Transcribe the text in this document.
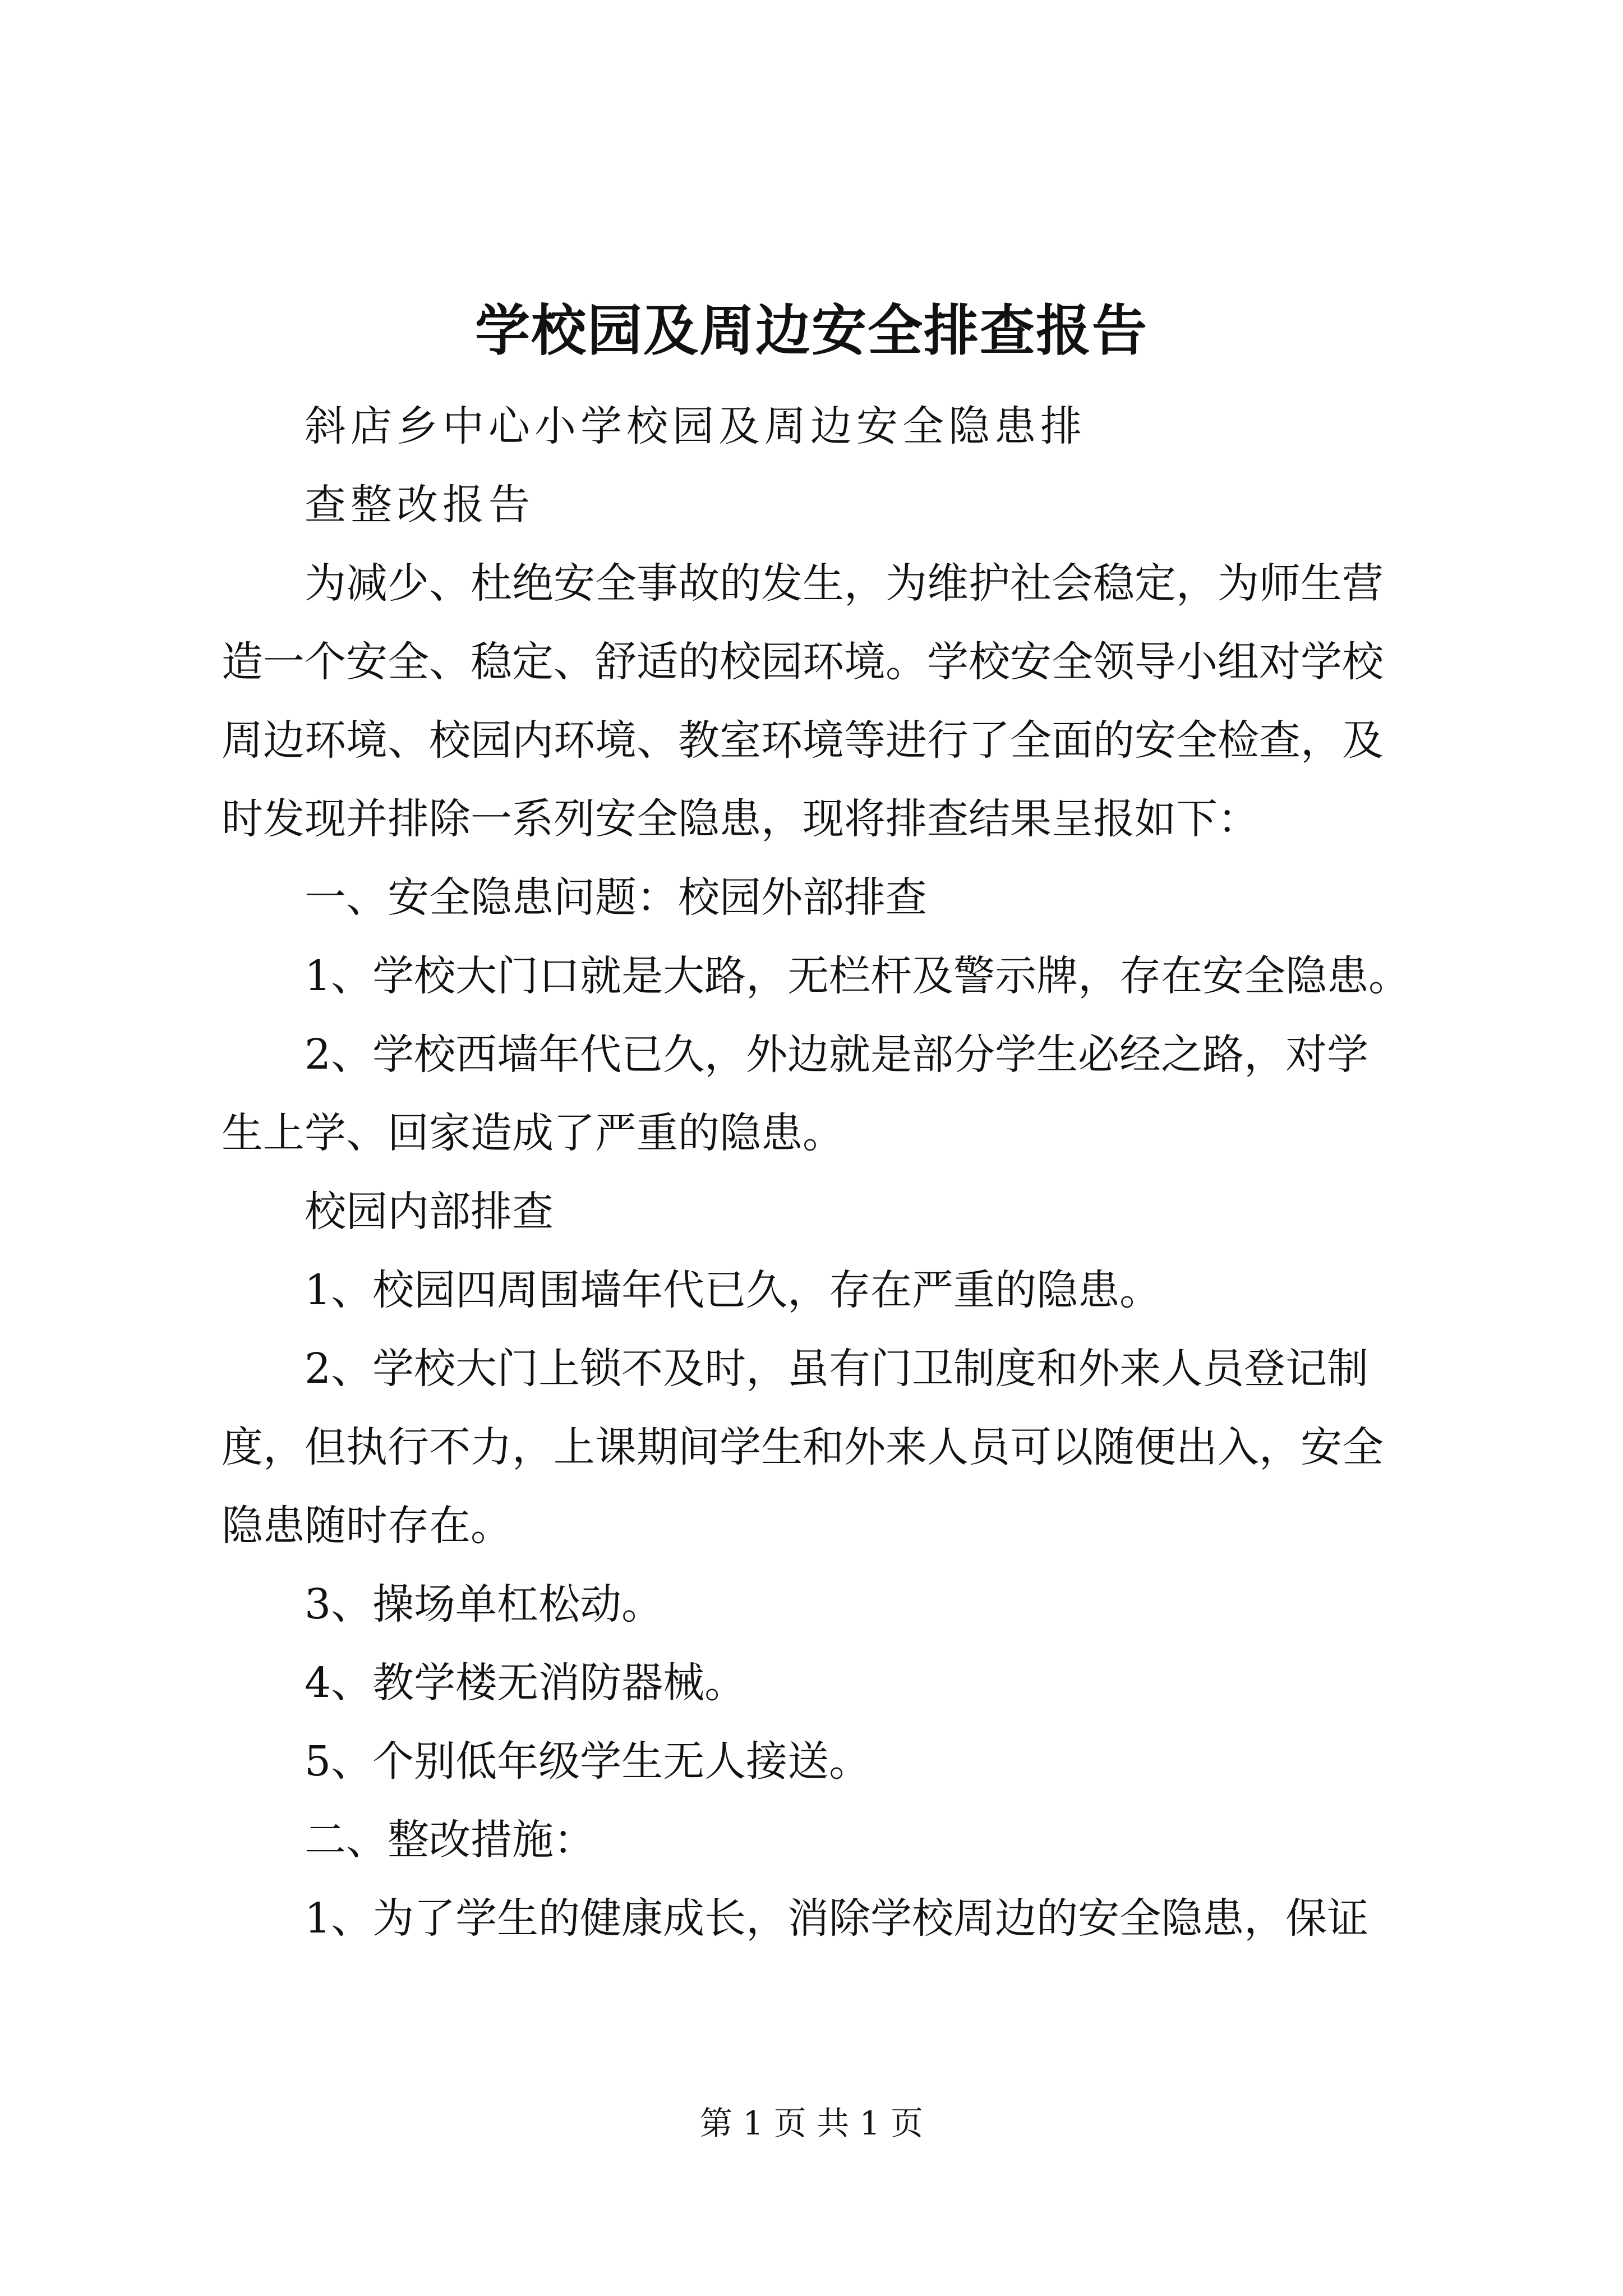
学校园及周边安全排查报告
斜店乡中心小学校园及周边安全隐患排
查整改报告
为减少、杜绝安全事故的发生，为维护社会稳定，为师生营
造一个安全、稳定、舒适的校园环境。学校安全领导小组对学校
周边环境、校园内环境、教室环境等进行了全面的安全检查，及
时发现并排除一系列安全隐患，现将排查结果呈报如下：
一、安全隐患问题：校园外部排查
1、学校大门口就是大路，无栏杆及警示牌，存在安全隐患。
2、学校西墙年代已久，外边就是部分学生必经之路，对学
生上学、回家造成了严重的隐患。
校园内部排查
1、校园四周围墙年代已久，存在严重的隐患。
2、学校大门上锁不及时，虽有门卫制度和外来人员登记制
度，但执行不力，上课期间学生和外来人员可以随便出入，安全
隐患随时存在。
3、操场单杠松动。
4、教学楼无消防器械。
5、个别低年级学生无人接送。
二、整改措施：
1、为了学生的健康成长，消除学校周边的安全隐患，保证
第 1 页 共 1 页
